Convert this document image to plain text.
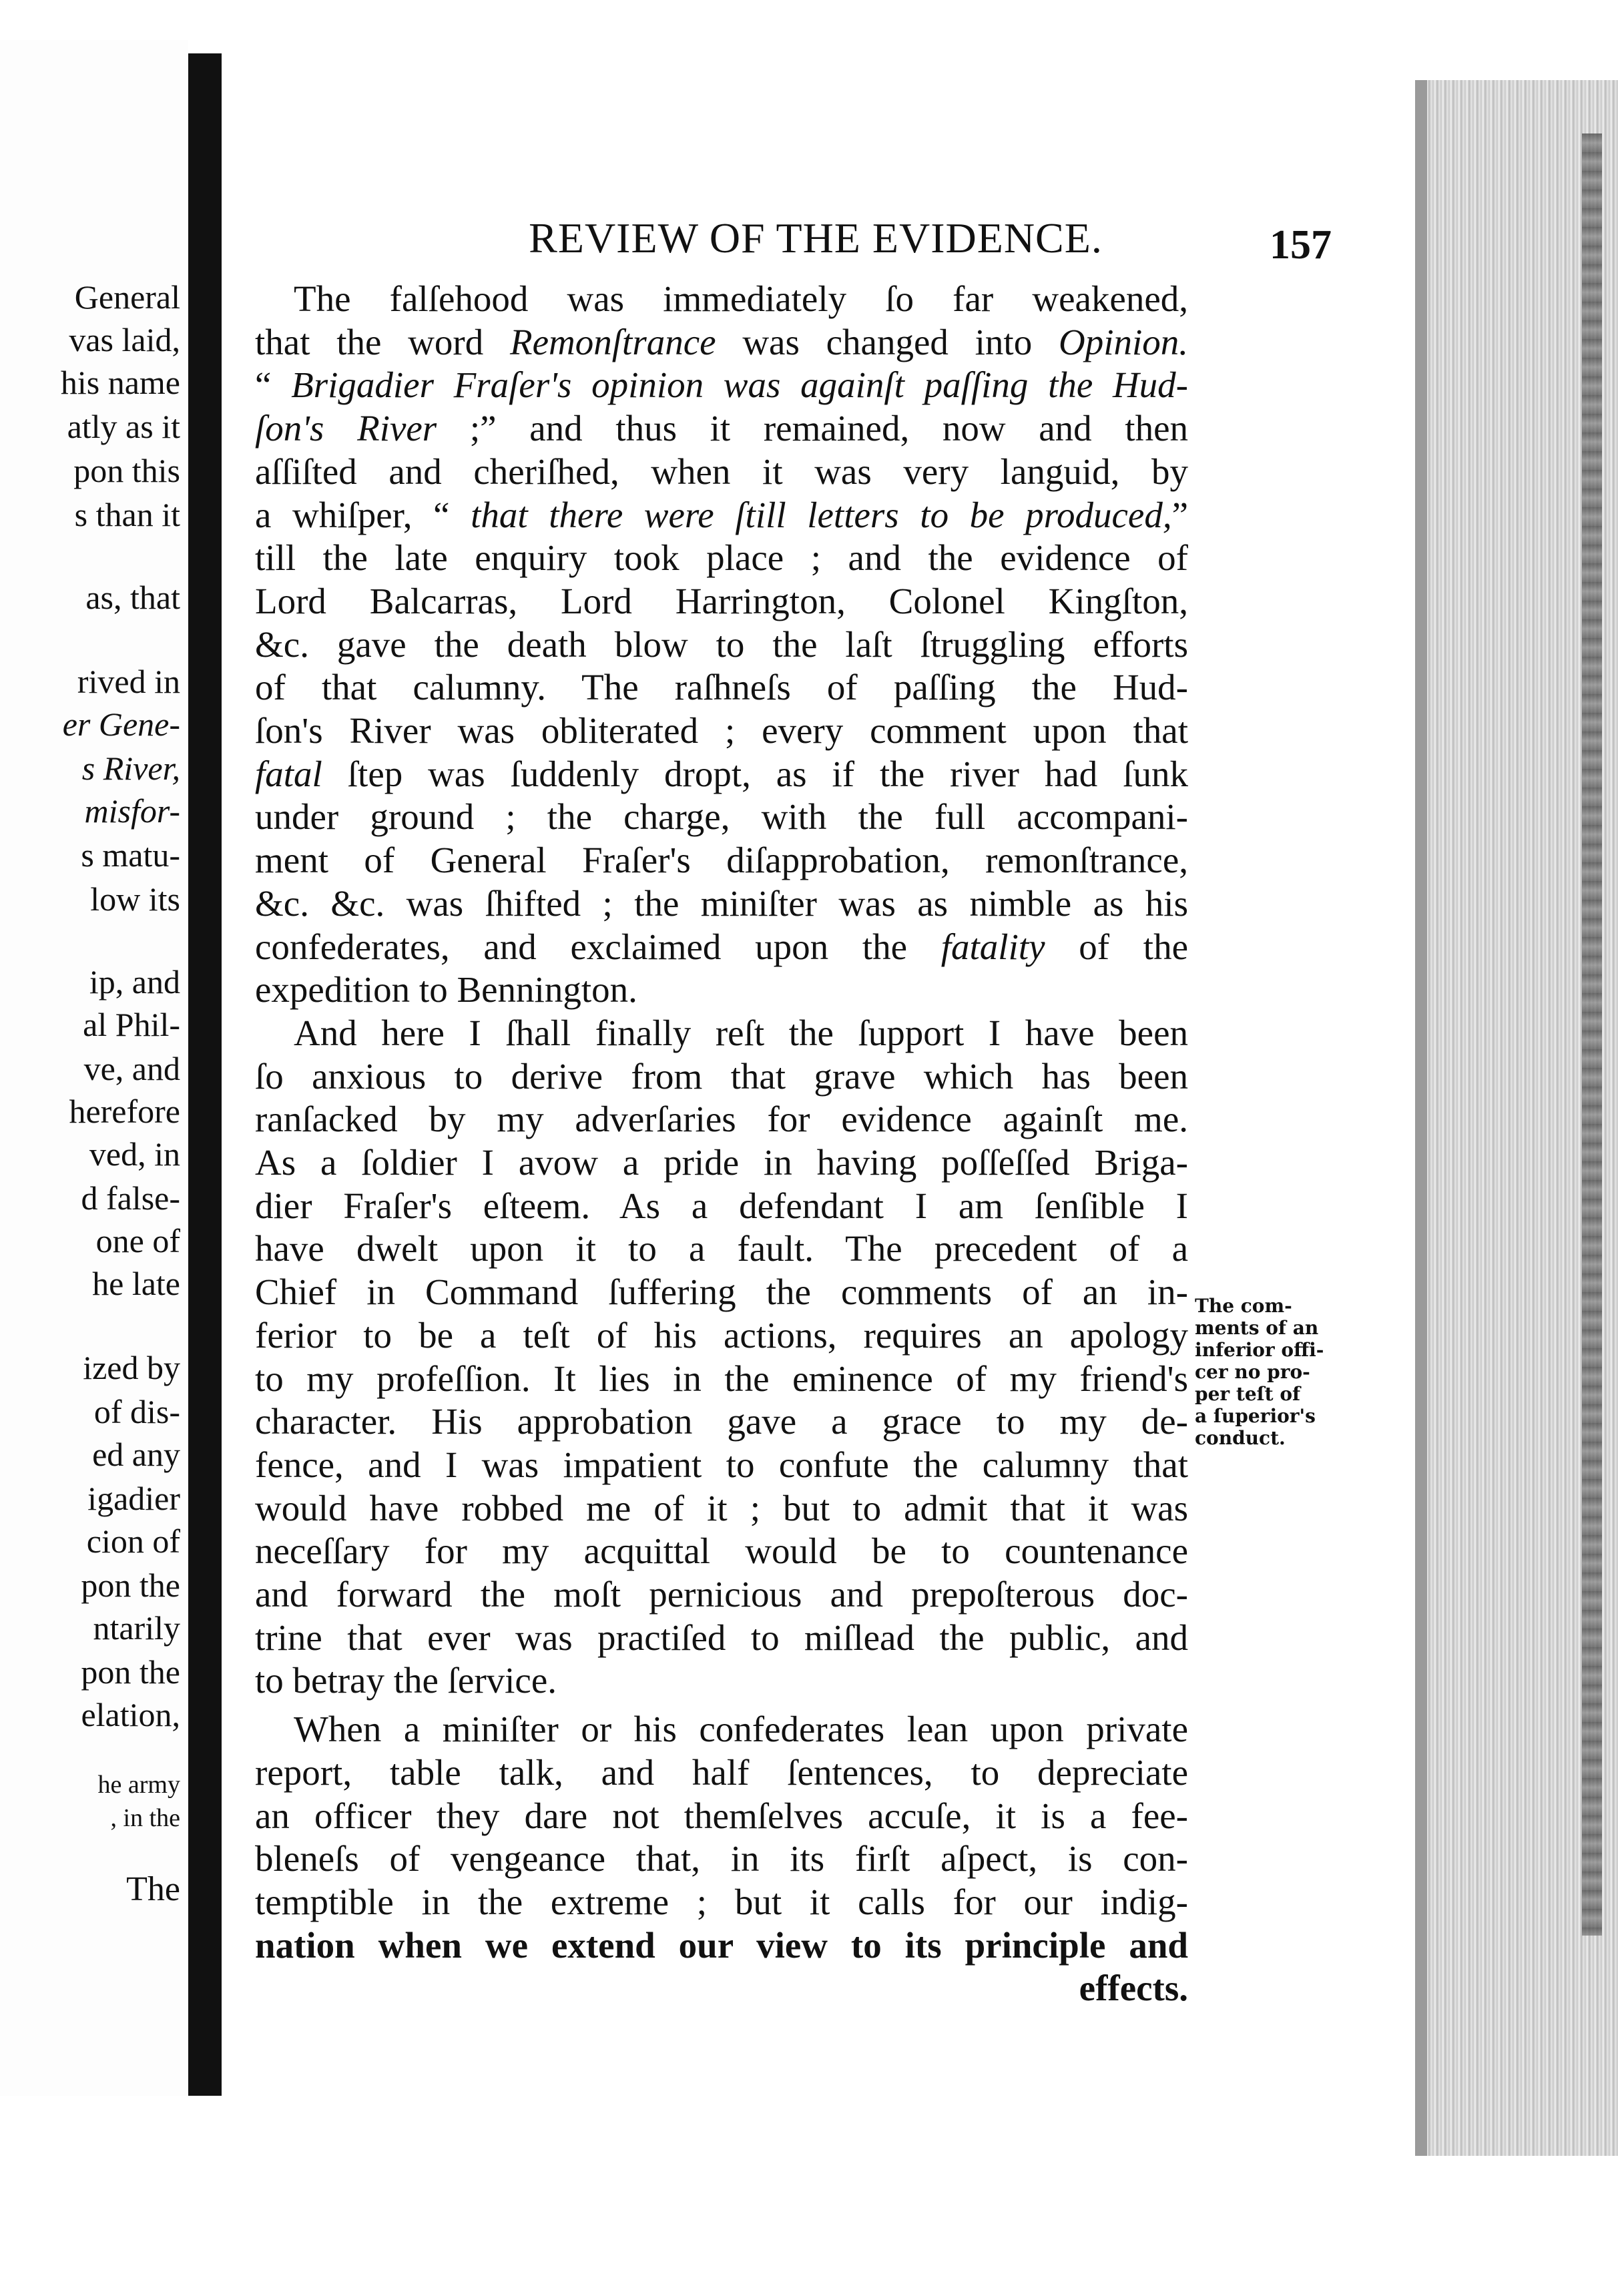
General
vas laid,
his name
atly as it
pon this
s than it
as, that
rived in
er Gene-
s River,
misfor-
s matu-
low its
ip, and
al Phil-
ve, and
herefore
ved, in
d false-
one of
he late
ized by
of dis-
ed any
igadier
cion of
pon the
ntarily
pon the
elation,
he army
, in the
The
REVIEW OF THE EVIDENCE.	157
The falſehood was immediately ſo far weakened,
that the word Remonſtrance was changed into Opinion.
“ Brigadier Fraſer's opinion was againſt paſſing the Hud-
ſon's River ;” and thus it remained, now and then
aſſiſted and cheriſhed, when it was very languid, by
a whiſper, “ that there were ſtill letters to be produced,”
till the late enquiry took place ; and the evidence of
Lord Balcarras, Lord Harrington, Colonel Kingſton,
&c. gave the death blow to the laſt ſtruggling efforts
of that calumny. The raſhneſs of paſſing the Hud-
ſon's River was obliterated ; every comment upon that
fatal ſtep was ſuddenly dropt, as if the river had ſunk
under ground ; the charge, with the full accompani-
ment of General Fraſer's diſapprobation, remonſtrance,
&c. &c. was ſhifted ; the miniſter was as nimble as his
confederates, and exclaimed upon the fatality of the
expedition to Bennington.
And here I ſhall finally reſt the ſupport I have been
ſo anxious to derive from that grave which has been
ranſacked by my adverſaries for evidence againſt me.
As a ſoldier I avow a pride in having poſſeſſed Briga-
dier Fraſer's eſteem. As a defendant I am ſenſible I
have dwelt upon it to a fault. The precedent of a
Chief in Command ſuffering the comments of an in-
ferior to be a teſt of his actions, requires an apology
to my profeſſion. It lies in the eminence of my friend's
character. His approbation gave a grace to my de-
fence, and I was impatient to confute the calumny that
would have robbed me of it ; but to admit that it was
neceſſary for my acquittal would be to countenance
and forward the moſt pernicious and prepoſterous doc-
trine that ever was practiſed to miſlead the public, and
to betray the ſervice.
When a miniſter or his confederates lean upon private
report, table talk, and half ſentences, to depreciate
an officer they dare not themſelves accuſe, it is a fee-
bleneſs of vengeance that, in its firſt aſpect, is con-
temptible in the extreme ; but it calls for our indig-
nation when we extend our view to its principle and
effects.
The com-
ments of an
inferior offi-
cer no pro-
per teſt of
a ſuperior's
conduct.
